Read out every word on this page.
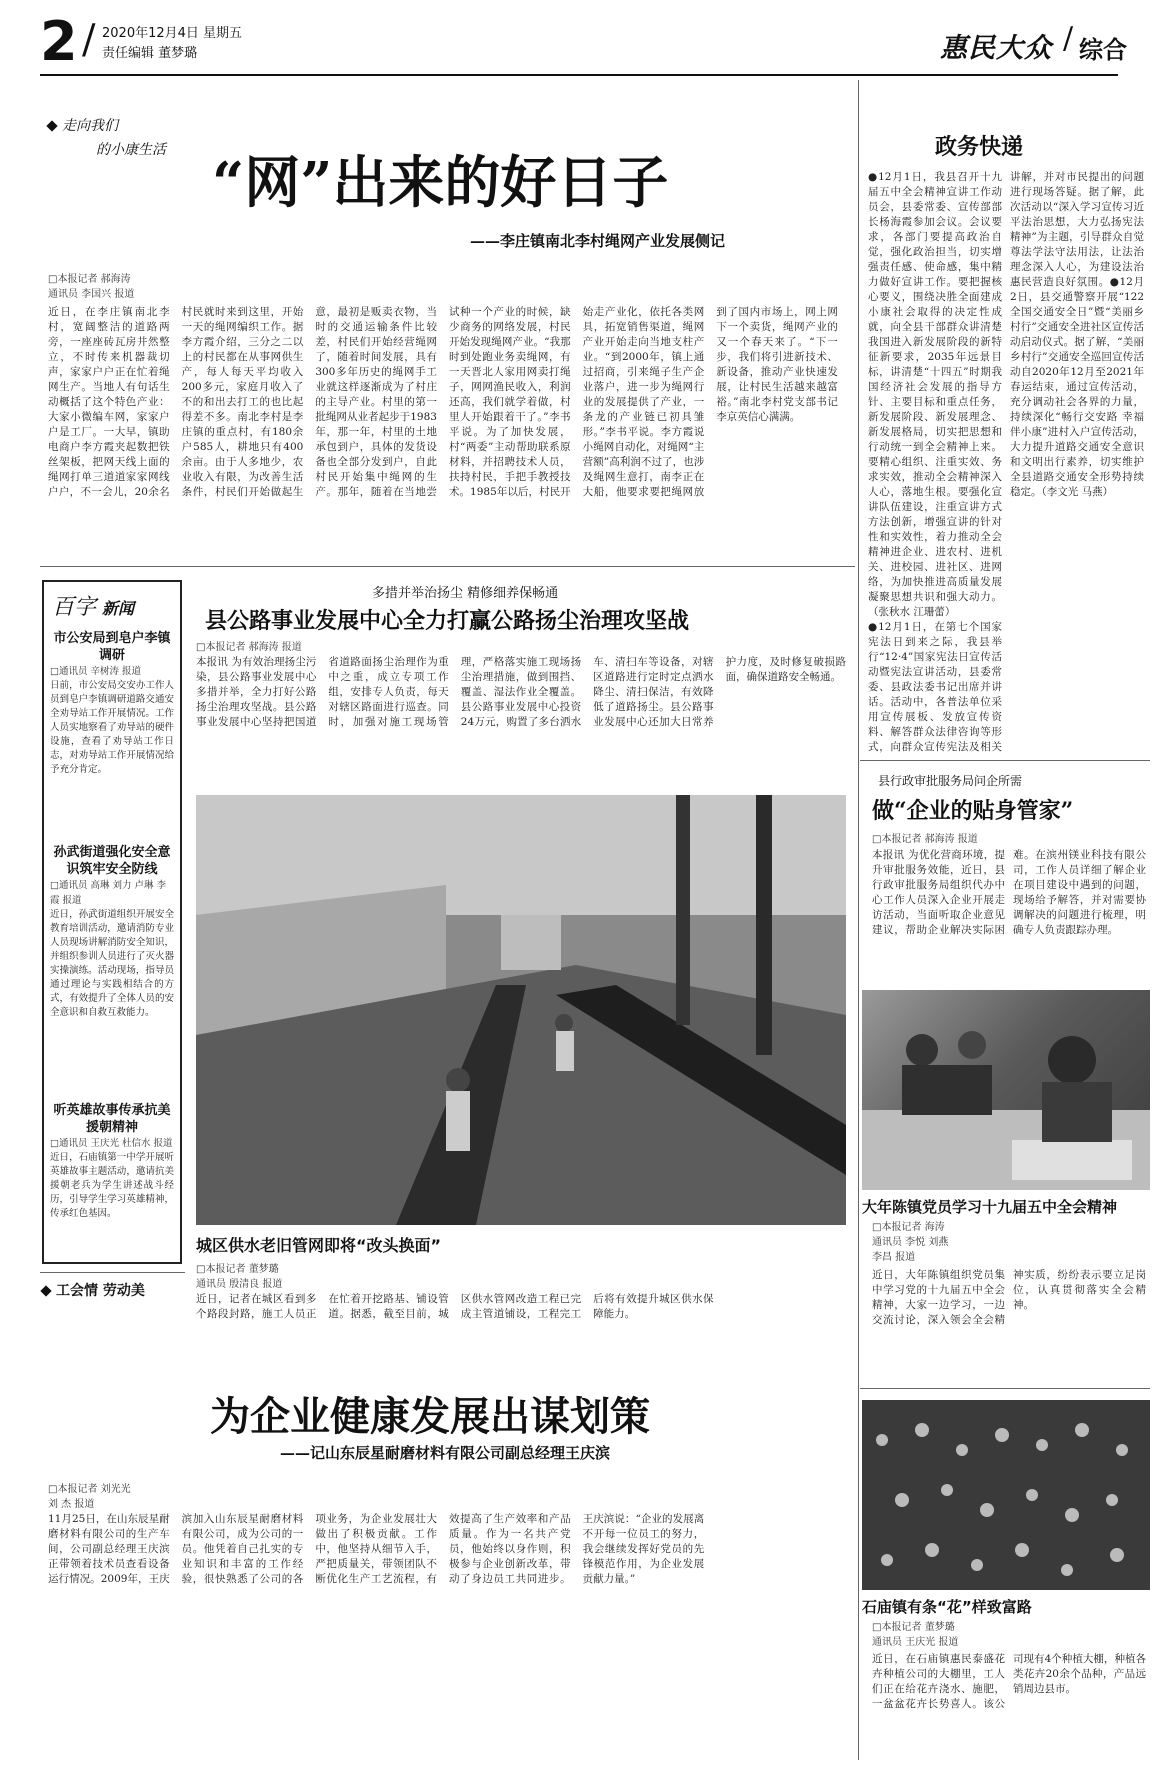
2 / 2020年12月4日 星期五
责任编辑 董梦璐	惠民大众 / 综合
走向我们
的小康生活 “网”出来的好日子
——李庄镇南北李村绳网产业发展侧记
□本报记者 郝海涛
通讯员 李国兴 报道
近日，在李庄镇南北李村，宽阔整洁的道路两旁，一座座砖瓦房井然整立，不时传来机器裁切声，家家户户正在忙着绳网生产。当地人有句话生动概括了这个特色产业：大家小微编车网，家家户户是工厂。一大早，镇助电商户李方霞夹起数把铁丝架板，把网天线上面的绳网打单三道道家家网线户户，不一会儿，20余名村民就时来到这里，开始一天的绳网编织工作。据李方霞介绍，三分之二以上的村民都在从事网供生产，每人每天平均收入200多元，家庭月收入了不的和出去打工的也比起得差不多。南北李村是李庄镇的重点村，有180余户585人，耕地只有400余亩。由于人多地少，农业收入有限，为改善生活条件，村民们开始做起生意，最初是贩卖衣物，当时的交通运输条件比较差，村民们开始经营绳网了，随着时间发展，具有300多年历史的绳网手工业就这样逐渐成为了村庄的主导产业。村里的第一批绳网从业者起步于1983年，那一年，村里的土地承包到户，具体的发货设备也全部分发到户，自此村民开始集中绳网的生产。那年，随着在当地尝试种一个产业的时候，缺少商务的网络发展，村民开始发现绳网产业。“我那时到处跑业务卖绳网，有一天晋北人家用网卖打绳子，网网渔民收入，利润还高，我们就学着做，村里人开始跟着干了。”李书平说。为了加快发展，村“两委”主动帮助联系原材料，并招聘技术人员，扶持村民，手把手教授技术。1985年以后，村民开始走产业化，依托各类网具，拓宽销售渠道，绳网产业开始走向当地支柱产业。“到2000年，镇上通过招商，引来绳子生产企业落户，进一步为绳网行业的发展提供了产业，一条龙的产业链已初具雏形。”李书平说。李方霞说小绳网自动化，对绳网“主营额”高利润不过了，也涉及绳网生意打，南李正在大船，他要求要把绳网放到了国内市场上，网上网下一个卖货，绳网产业的又一个春天来了。“下一步，我们将引进新技术、新设备，推动产业快速发展，让村民生活越来越富裕。”南北李村党支部书记李京英信心满满。
政务快递
●12月1日，我县召开十九届五中全会精神宣讲工作动员会，县委常委、宣传部部长杨海霞参加会议。会议要求，各部门要提高政治自觉，强化政治担当，切实增强责任感、使命感，集中精力做好宣讲工作。要把握核心要义，围绕决胜全面建成小康社会取得的决定性成就，向全县干部群众讲清楚我国进入新发展阶段的新特征新要求，2035年远景目标，讲清楚“十四五”时期我国经济社会发展的指导方针、主要目标和重点任务，新发展阶段、新发展理念、新发展格局，切实把思想和行动统一到全会精神上来。要精心组织、注重实效、务求实效，推动全会精神深入人心，落地生根。要强化宣讲队伍建设，注重宣讲方式方法创新，增强宣讲的针对性和实效性，着力推动全会精神进企业、进农村、进机关、进校园、进社区、进网络，为加快推进高质量发展凝聚思想共识和强大动力。（张秋水 江珊蕾）
●12月1日，在第七个国家宪法日到来之际，我县举行“12·4”国家宪法日宣传活动暨宪法宣讲活动，县委常委、县政法委书记出席并讲话。活动中，各普法单位采用宣传展板、发放宣传资料、解答群众法律咨询等形式，向群众宣传宪法及相关
讲解，并对市民提出的问题进行现场答疑。据了解，此次活动以“深入学习宣传习近平法治思想，大力弘扬宪法精神”为主题，引导群众自觉尊法学法守法用法，让法治理念深入人心，为建设法治惠民营造良好氛围。●12月2日，县交通警察开展“122全国交通安全日”暨“美丽乡村行”交通安全进社区宣传活动启动仪式。据了解，“美丽乡村行”交通安全巡回宣传活动自2020年12月至2021年春运结束，通过宣传活动，充分调动社会各界的力量，持续深化“畅行交安路 幸福伴小康”进村入户宣传活动，大力提升道路交通安全意识和文明出行素养，切实维护全县道路交通安全形势持续稳定。（李文光 马燕）
县行政审批服务局问企所需
做“企业的贴身管家”
□本报记者 郝海涛 报道
本报讯 为优化营商环境，提升审批服务效能，近日，县行政审批服务局组织代办中心工作人员深入企业开展走访活动，当面听取企业意见建议，帮助企业解决实际困难。在滨州镁业科技有限公司，工作人员详细了解企业在项目建设中遇到的问题，现场给予解答，并对需要协调解决的问题进行梳理，明确专人负责跟踪办理。
大年陈镇党员学习十九届五中全会精神
□本报记者 海涛
通讯员 李悦 刘燕
李昌 报道
近日，大年陈镇组织党员集中学习党的十九届五中全会精神，大家一边学习，一边交流讨论，深入领会全会精神实质，纷纷表示要立足岗位，认真贯彻落实全会精神。
石庙镇有条“花”样致富路
□本报记者 董梦璐
通讯员 王庆光 报道
近日，在石庙镇惠民泰盛花卉种植公司的大棚里，工人们正在给花卉浇水、施肥，一盆盆花卉长势喜人。该公司现有4个种植大棚，种植各类花卉20余个品种，产品远销周边县市。
百字 新闻
市公安局到皂户李镇调研
□通讯员 辛树涛 报道
日前，市公安局交安办工作人员到皂户李镇调研道路交通安全劝导站工作开展情况。工作人员实地察看了劝导站的硬件设施，查看了劝导站工作日志，对劝导站工作开展情况给予充分肯定。
孙武街道强化安全意识筑牢安全防线
□通讯员 高琳 刘力 卢琳 李霞 报道
近日，孙武街道组织开展安全教育培训活动，邀请消防专业人员现场讲解消防安全知识，并组织参训人员进行了灭火器实操演练。活动现场，指导员通过理论与实践相结合的方式，有效提升了全体人员的安全意识和自救互救能力。
听英雄故事传承抗美援朝精神
□通讯员 王庆光 杜信水 报道
近日，石庙镇第一中学开展听英雄故事主题活动，邀请抗美援朝老兵为学生讲述战斗经历，引导学生学习英雄精神，传承红色基因。
多措并举治扬尘 精修细养保畅通
县公路事业发展中心全力打赢公路扬尘治理攻坚战
□本报记者 郝海涛 报道
本报讯 为有效治理扬尘污染，县公路事业发展中心多措并举，全力打好公路扬尘治理攻坚战。县公路事业发展中心坚持把国道省道路面扬尘治理作为重中之重，成立专项工作组，安排专人负责，每天对辖区路面进行巡查。同时，加强对施工现场管理，严格落实施工现场扬尘治理措施，做到围挡、覆盖、湿法作业全覆盖。县公路事业发展中心投资24万元，购置了多台洒水车、清扫车等设备，对辖区道路进行定时定点洒水降尘、清扫保洁，有效降低了道路扬尘。县公路事业发展中心还加大日常养护力度，及时修复破损路面，确保道路安全畅通。
城区供水老旧管网即将“改头换面”
□本报记者 董梦璐
通讯员 殷清良 报道
近日，记者在城区看到多个路段封路，施工人员正在忙着开挖路基、铺设管道。据悉，截至目前，城区供水管网改造工程已完成主管道铺设，工程完工后将有效提升城区供水保障能力。
工会情 劳动美
为企业健康发展出谋划策
——记山东辰星耐磨材料有限公司副总经理王庆滨
□本报记者 刘光光
刘 杰 报道
11月25日，在山东辰星耐磨材料有限公司的生产车间，公司副总经理王庆滨正带领着技术员查看设备运行情况。2009年，王庆滨加入山东辰星耐磨材料有限公司，成为公司的一员。他凭着自己扎实的专业知识和丰富的工作经验，很快熟悉了公司的各项业务，为企业发展壮大做出了积极贡献。工作中，他坚持从细节入手，严把质量关，带领团队不断优化生产工艺流程，有效提高了生产效率和产品质量。作为一名共产党员，他始终以身作则，积极参与企业创新改革，带动了身边员工共同进步。王庆滨说：“企业的发展离不开每一位员工的努力，我会继续发挥好党员的先锋模范作用，为企业发展贡献力量。”
